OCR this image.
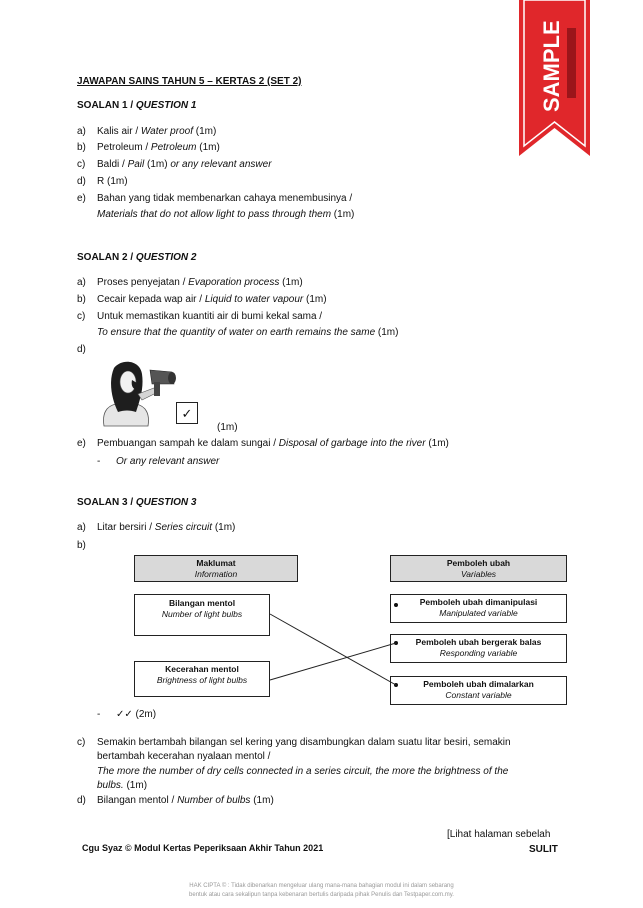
SAMPLE
JAWAPAN SAINS TAHUN 5 – KERTAS 2 (SET 2)
SOALAN 1 / QUESTION 1
a) Kalis air / Water proof (1m)
b) Petroleum / Petroleum (1m)
c) Baldi / Pail (1m) or any relevant answer
d) R (1m)
e) Bahan yang tidak membenarkan cahaya menembusinya /
Materials that do not allow light to pass through them (1m)
SOALAN 2 / QUESTION 2
a) Proses penyejatan / Evaporation process (1m)
b) Cecair kepada wap air / Liquid to water vapour (1m)
c) Untuk memastikan kuantiti air di bumi kekal sama /
To ensure that the quantity of water on earth remains the same (1m)
d)
✓
(1m)
e) Pembuangan sampah ke dalam sungai / Disposal of garbage into the river (1m)
- Or any relevant answer
SOALAN 3 / QUESTION 3
a) Litar bersiri / Series circuit (1m)
b)
Maklumat
Information
Pemboleh ubah
Variables
Bilangan mentol
Number of light bulbs
Kecerahan mentol
Brightness of light bulbs
Pemboleh ubah dimanipulasi
Manipulated variable
Pemboleh ubah bergerak balas
Responding variable
Pemboleh ubah dimalarkan
Constant variable
- ✓✓ (2m)
c) Semakin bertambah bilangan sel kering yang disambungkan dalam suatu litar besiri, semakin
bertambah kecerahan nyalaan mentol /
The more the number of dry cells connected in a series circuit, the more the brightness of the
bulbs. (1m)
d) Bilangan mentol / Number of bulbs (1m)
Cgu Syaz © Modul Kertas Peperiksaan Akhir Tahun 2021
[Lihat halaman sebelah
SULIT
HAK CIPTA © : Tidak dibenarkan mengeluar ulang mana-mana bahagian modul ini dalam sebarang
bentuk atau cara sekalipun tanpa kebenaran bertulis daripada pihak Penulis dan Testpaper.com.my.
